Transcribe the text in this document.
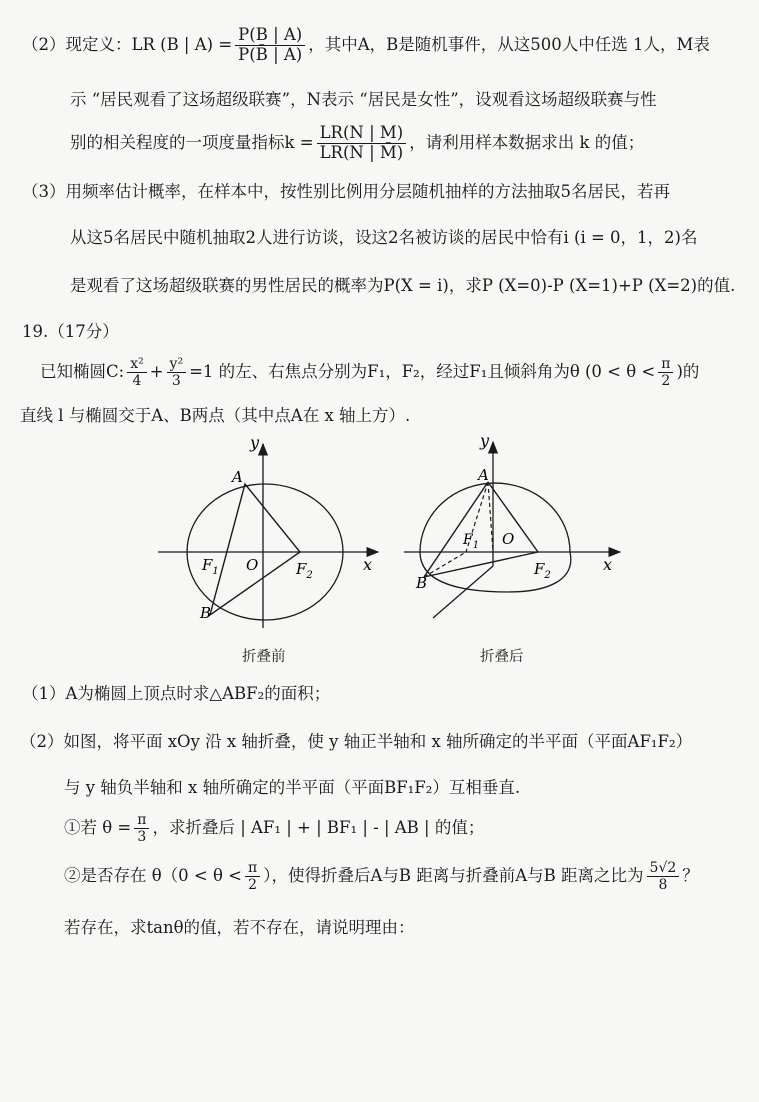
（2）现定义：LR (B | $A) = \frac{P(B | A)}{P(B̄ | A)}$ ，其中A，B是随机事件，从这500人中任选 1人，M表
示 “居民观看了这场超级联赛”，N表示 “居民是女性”，设观看这场超级联赛与性
别的相关程度的一项度量指标$k = \frac{LR(N | M)}{LR(N | M̄)}$ ，请利用样本数据求出 k 的值；
（3）用频率估计概率，在样本中，按性别比例用分层随机抽样的方法抽取5名居民，若再
从这5名居民中随机抽取2人进行访谈，设这2名被访谈的居民中恰有i (i = 0，1，2)名
是观看了这场超级联赛的男性居民的概率为P(X = i)，求P (X=0)-P (X=1)+P (X=2)的值.
19.（17分）
已知椭圆C: $\frac{\text{x²}}{4} + \frac{\text{y²}}{3} =1$ 的左、右焦点分别为F₁，F₂，经过F₁且倾斜角为θ ($0 < \theta < \frac{\pi}{2}$ )的
直线 l 与椭圆交于A、B两点（其中点A在 x 轴上方）.
y
x
A
B
O
$F_1$	$F_2$
折叠前
y
x
A
B
O
$F_1$
$F_2$
折叠后
（1）A为椭圆上顶点时求△ABF₂的面积；
（2）如图，将平面 xOy 沿 x 轴折叠，使 y 轴正半轴和 x 轴所确定的半平面（平面AF₁F₂）
与 y 轴负半轴和 x 轴所确定的半平面（平面BF₁F₂）互相垂直.
①若 $\theta = \frac{\pi}{3}$ ，求折叠后 | AF₁ | + | BF₁ | - | AB | 的值；
②是否存在 $\theta(0 < \theta < \frac{\pi}{2}$ ），使得折叠后A与B 距离与折叠前A与B 距离之比为 $\frac{5√2}{8}$ ？
若存在，求tanθ的值，若不存在，请说明理由：
